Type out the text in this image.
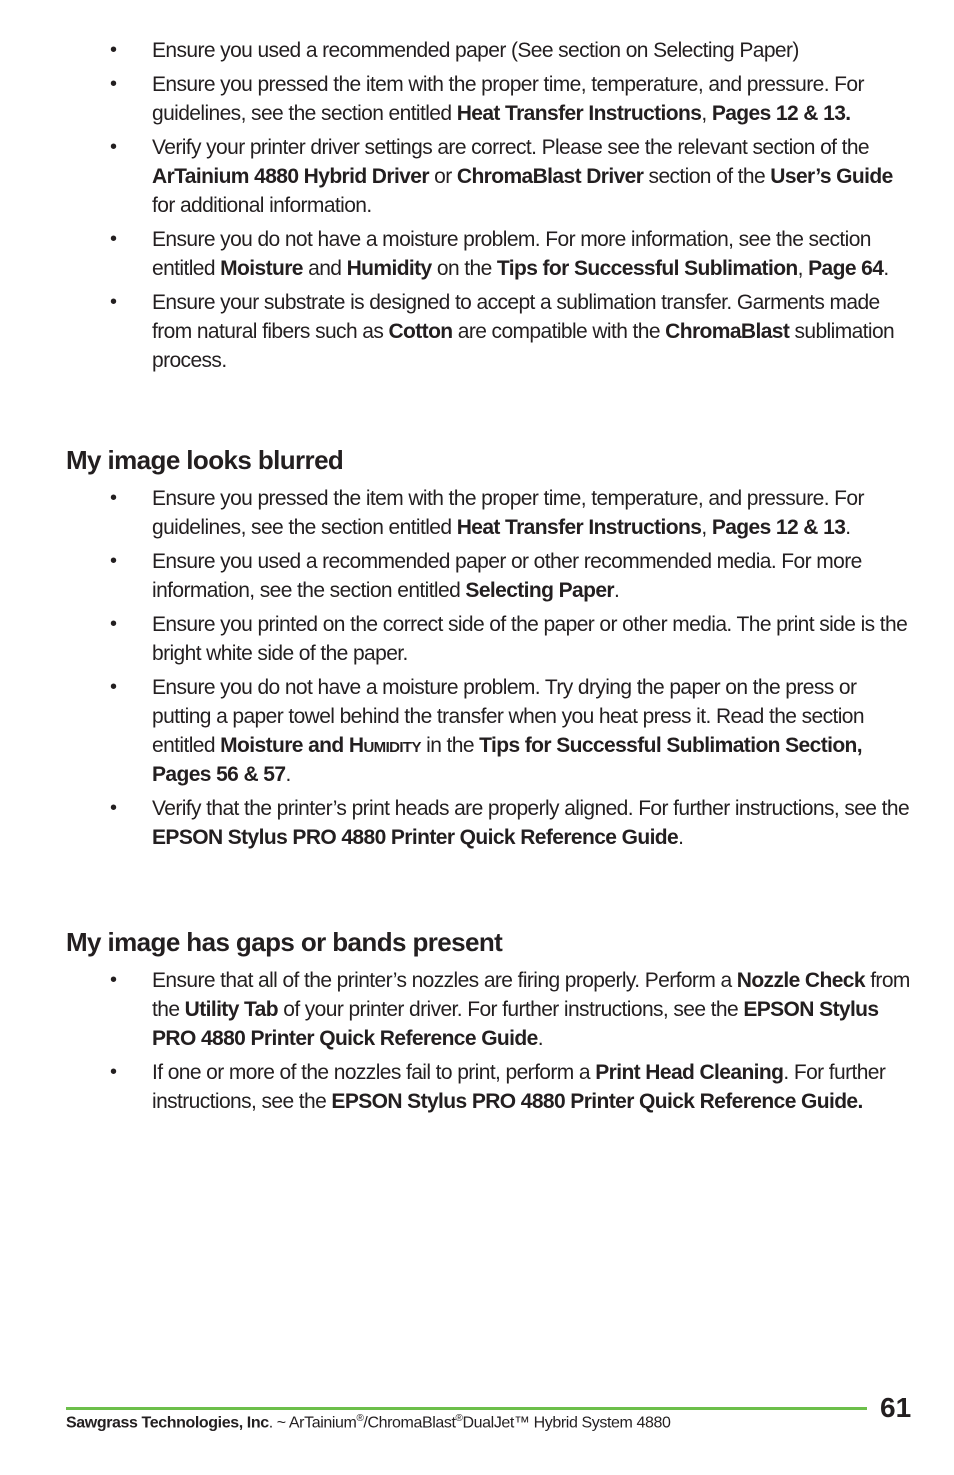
• Ensure you used a recommended paper (See section on Selecting Paper)
• Ensure you pressed the item with the proper time, temperature, and pressure. For guidelines, see the section entitled Heat Transfer Instructions, Pages 12 & 13.
• Verify your printer driver settings are correct. Please see the relevant section of the ArTainium 4880 Hybrid Driver or ChromaBlast Driver section of the User’s Guide for additional information.
• Ensure you do not have a moisture problem. For more information, see the section entitled Moisture and Humidity on the Tips for Successful Sublimation, Page 64.
• Ensure your substrate is designed to accept a sublimation transfer. Garments made from natural fibers such as Cotton are compatible with the ChromaBlast sublimation process.
My image looks blurred
• Ensure you pressed the item with the proper time, temperature, and pressure. For guidelines, see the section entitled Heat Transfer Instructions, Pages 12 & 13.
• Ensure you used a recommended paper or other recommended media. For more information, see the section entitled Selecting Paper.
• Ensure you printed on the correct side of the paper or other media. The print side is the bright white side of the paper.
• Ensure you do not have a moisture problem. Try drying the paper on the press or putting a paper towel behind the transfer when you heat press it. Read the section entitled Moisture and Humidity in the Tips for Successful Sublimation Section, Pages 56 & 57.
• Verify that the printer’s print heads are properly aligned. For further instructions, see the EPSON Stylus PRO 4880 Printer Quick Reference Guide.
My image has gaps or bands present
• Ensure that all of the printer’s nozzles are firing properly. Perform a Nozzle Check from the Utility Tab of your printer driver. For further instructions, see the EPSON Stylus PRO 4880 Printer Quick Reference Guide.
• If one or more of the nozzles fail to print, perform a Print Head Cleaning. For further instructions, see the EPSON Stylus PRO 4880 Printer Quick Reference Guide.
Sawgrass Technologies, Inc. ~ ArTainium®/ChromaBlast®DualJet™ Hybrid System 4880	61
